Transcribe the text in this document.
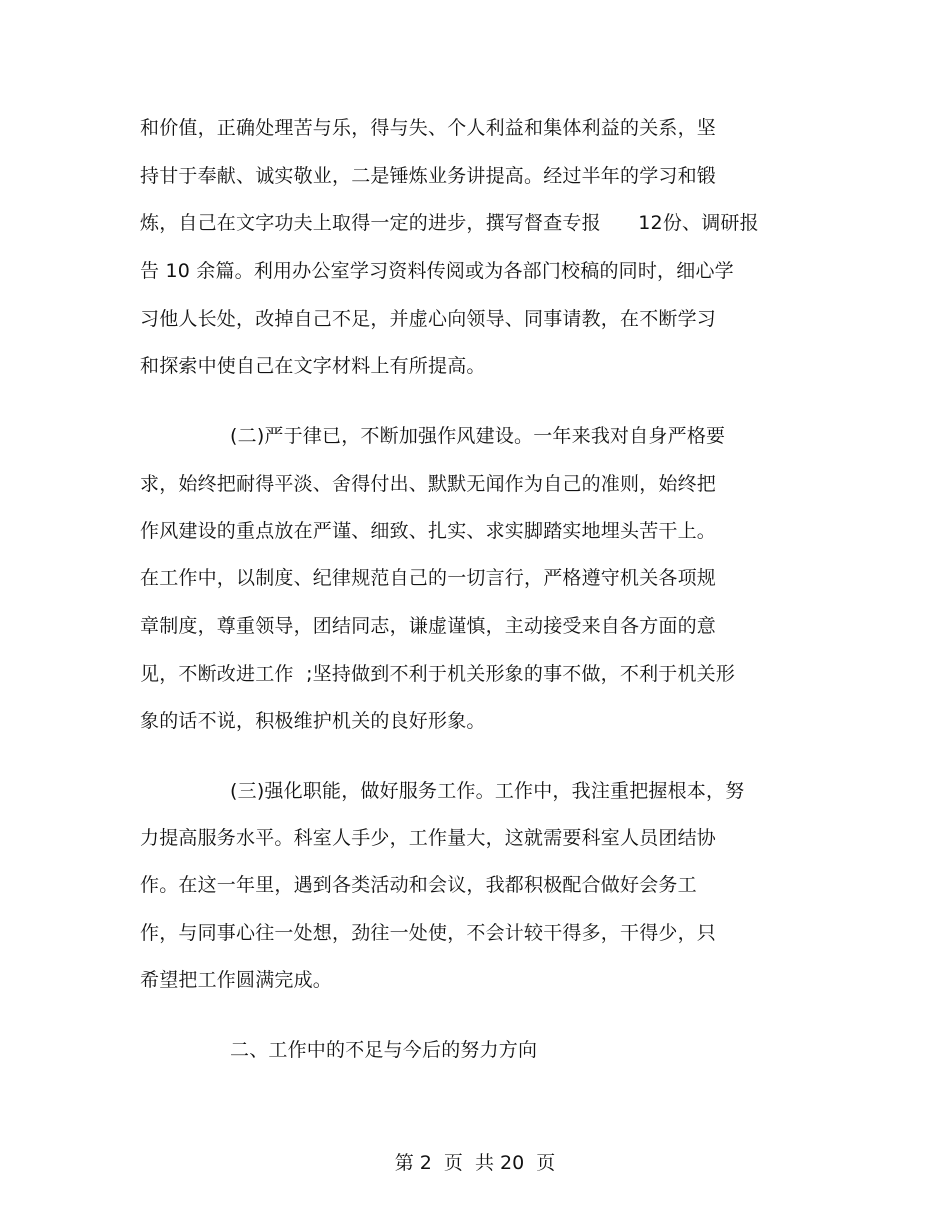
和价值，正确处理苦与乐，得与失、个人利益和集体利益的关系，坚
持甘于奉献、诚实敬业，二是锤炼业务讲提高。经过半年的学习和锻
炼，自己在文字功夫上取得一定的进步，撰写督查专报      12份、调研报
告 10 余篇。利用办公室学习资料传阅或为各部门校稿的同时，细心学
习他人长处，改掉自己不足，并虚心向领导、同事请教，在不断学习
和探索中使自己在文字材料上有所提高。
(二)严于律已，不断加强作风建设。一年来我对自身严格要
求，始终把耐得平淡、舍得付出、默默无闻作为自己的准则，始终把
作风建设的重点放在严谨、细致、扎实、求实脚踏实地埋头苦干上。
在工作中，以制度、纪律规范自己的一切言行，严格遵守机关各项规
章制度，尊重领导，团结同志，谦虚谨慎，主动接受来自各方面的意
见，不断改进工作  ;坚持做到不利于机关形象的事不做，不利于机关形
象的话不说，积极维护机关的良好形象。
(三)强化职能，做好服务工作。工作中，我注重把握根本，努
力提高服务水平。科室人手少，工作量大，这就需要科室人员团结协
作。在这一年里，遇到各类活动和会议，我都积极配合做好会务工
作，与同事心往一处想，劲往一处使，不会计较干得多，干得少，只
希望把工作圆满完成。
二、工作中的不足与今后的努力方向
第 2  页  共 20  页
